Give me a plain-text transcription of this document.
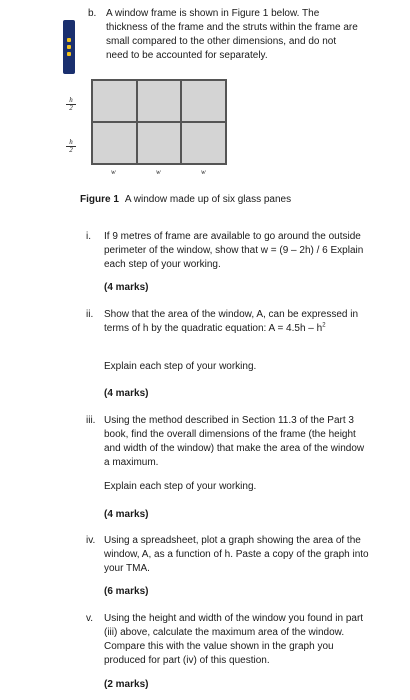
b. A window frame is shown in Figure 1 below. The thickness of the frame and the struts within the frame are small compared to the other dimensions, and do not need to be accounted for separately.
h
2
h
2
w	w	w
Figure 1 A window made up of six glass panes
i. If 9 metres of frame are available to go around the outside perimeter of the window, show that w = (9 – 2h) / 6 Explain each step of your working.
(4 marks)
ii. Show that the area of the window, A, can be expressed in terms of h by the quadratic equation: $A = 4.5h - h^2$
Explain each step of your working.
(4 marks)
iii. Using the method described in Section 11.3 of the Part 3 book, find the overall dimensions of the frame (the height and width of the window) that make the area of the window a maximum.
Explain each step of your working.
(4 marks)
iv. Using a spreadsheet, plot a graph showing the area of the window, A, as a function of h. Paste a copy of the graph into your TMA.
(6 marks)
v. Using the height and width of the window you found in part (iii) above, calculate the maximum area of the window. Compare this with the value shown in the graph you produced for part (iv) of this question.
(2 marks)
